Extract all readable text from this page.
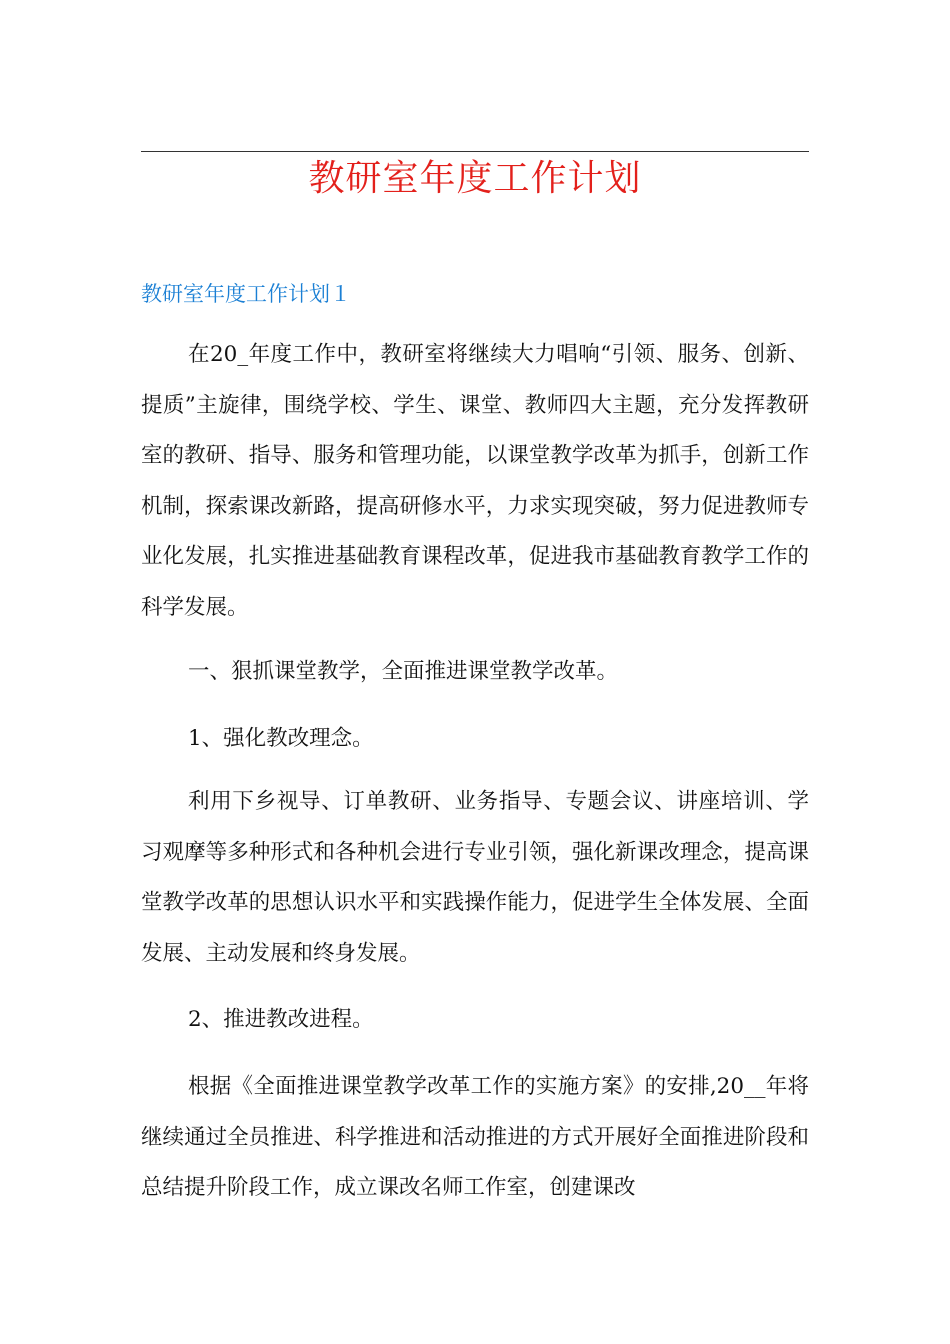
教研室年度工作计划
教研室年度工作计划１
在20_年度工作中，教研室将继续大力唱响“引领、服务、创新、提质”主旋律，围绕学校、学生、课堂、教师四大主题，充分发挥教研室的教研、指导、服务和管理功能，以课堂教学改革为抓手，创新工作机制，探索课改新路，提高研修水平，力求实现突破，努力促进教师专业化发展，扎实推进基础教育课程改革，促进我市基础教育教学工作的科学发展。
一、狠抓课堂教学，全面推进课堂教学改革。
1、强化教改理念。
利用下乡视导、订单教研、业务指导、专题会议、讲座培训、学习观摩等多种形式和各种机会进行专业引领，强化新课改理念，提高课堂教学改革的思想认识水平和实践操作能力，促进学生全体发展、全面发展、主动发展和终身发展。
2、推进教改进程。
根据《全面推进课堂教学改革工作的实施方案》的安排,20__年将继续通过全员推进、科学推进和活动推进的方式开展好全面推进阶段和总结提升阶段工作，成立课改名师工作室，创建课改
